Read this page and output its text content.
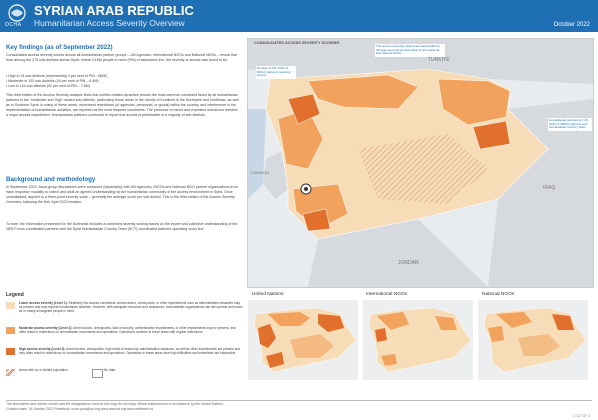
OCHA
SYRIAN ARAB REPUBLIC
Humanitarian Access Severity Overview	October 2022
Key findings (as of September 2022)
Consolidated access severity scores across all humanitarian partner groups – UN Agencies, international NGOs and National NGOs – reveal that from among the 270 sub-districts across Syria, where 14.6M people in need (PiN) of assistance live, the severity of access was found to be:
• High in 24 sub-districts (representing 4 per cent of PiN - 580K)
• Moderate in 102 sub-districts (44 per cent of PiN – 6.4M)
• Low in 144 sub-districts (52 per cent of PiN – 7.6M)
This third edition of the Access Severity analysis finds that conflict-related dynamics remain the most common constraint faced by all humanitarian partners in the 'moderate' and 'high' ranked sub-districts, particularly those areas in the vicinity of frontlines in the Northwest and Northeast, as well as in Southern Syria. In many of these areas, movement restrictions (of agencies, personnel, or goods) within the country, and interference in the implementation of humanitarian activities, are reported as the most frequent constraints. The presence of mines and explosive ordnances remains a major access impediment. Humanitarian partners continued to report that access is permissible in a majority of sub-districts.
Background and methodology
In September 2022, focus group discussions were convened (separately) with UN Agencies, INGOs and National NGO partner organizations from each response modality to collect and distil an agreed understanding by the humanitarian community of the access environment in Syria. Once consolidated, applied to a three-point severity scale – generally the average score per sub-district. This is the third edition of the Access Severity Overview, following the first, April 2022 iteration.
To note: the information presented for the Northeast includes a combined severity scoring based on the expert and collective understanding of the NES Forum coordinated partners and the Syria Humanitarian Country Team (HCT) coordinated partners operating cross line.
TÜRKIYE
IRAQ
LEBANON
JORDAN
CONSOLIDATED ACCESS SEVERITY SCORING
Number of UN, INGO & NNGO partners reporting access
This area is presently ranked as inaccessible by UN Agencies and as accessible by international and national NGOs
Humanitarian partners by UN, INGO & NNGO partners and humanitarian Country Team
Legend
Lower access severity (Level 1): Relatively few access constraints. Armed actors, checkpoints, or other impediments such as administrative obstacles may be present and may impede humanitarian activities. However, with adequate resources and clearances, humanitarian organizations can still operate and reach all or nearly all targeted people in need.
Moderate access severity (Level 2): Armed actors, checkpoints, lack of security, administrative impediments, or other impediments may be present, and often result in restrictions on humanitarian movements and operations. Operations continue in these areas with regular restrictions.
High access severity (Level 3): Armed actors, checkpoints, high levels of insecurity, administrative obstacles, as well as other impediments are present and very often result in restrictions on humanitarian movements and operations. Operations in these areas face high difficulties and sometimes are impossible.
Areas with no or limited population	No data
United Nations	International NGOs	National NGOs
The boundaries and names shown and the designations used on this map do not imply official endorsement or acceptance by the United Nations.
Creation date: 19 October 2022 Feedback: ocha.syria@un.org www.unocha.org www.reliefweb.int
1 OUT OF 5
